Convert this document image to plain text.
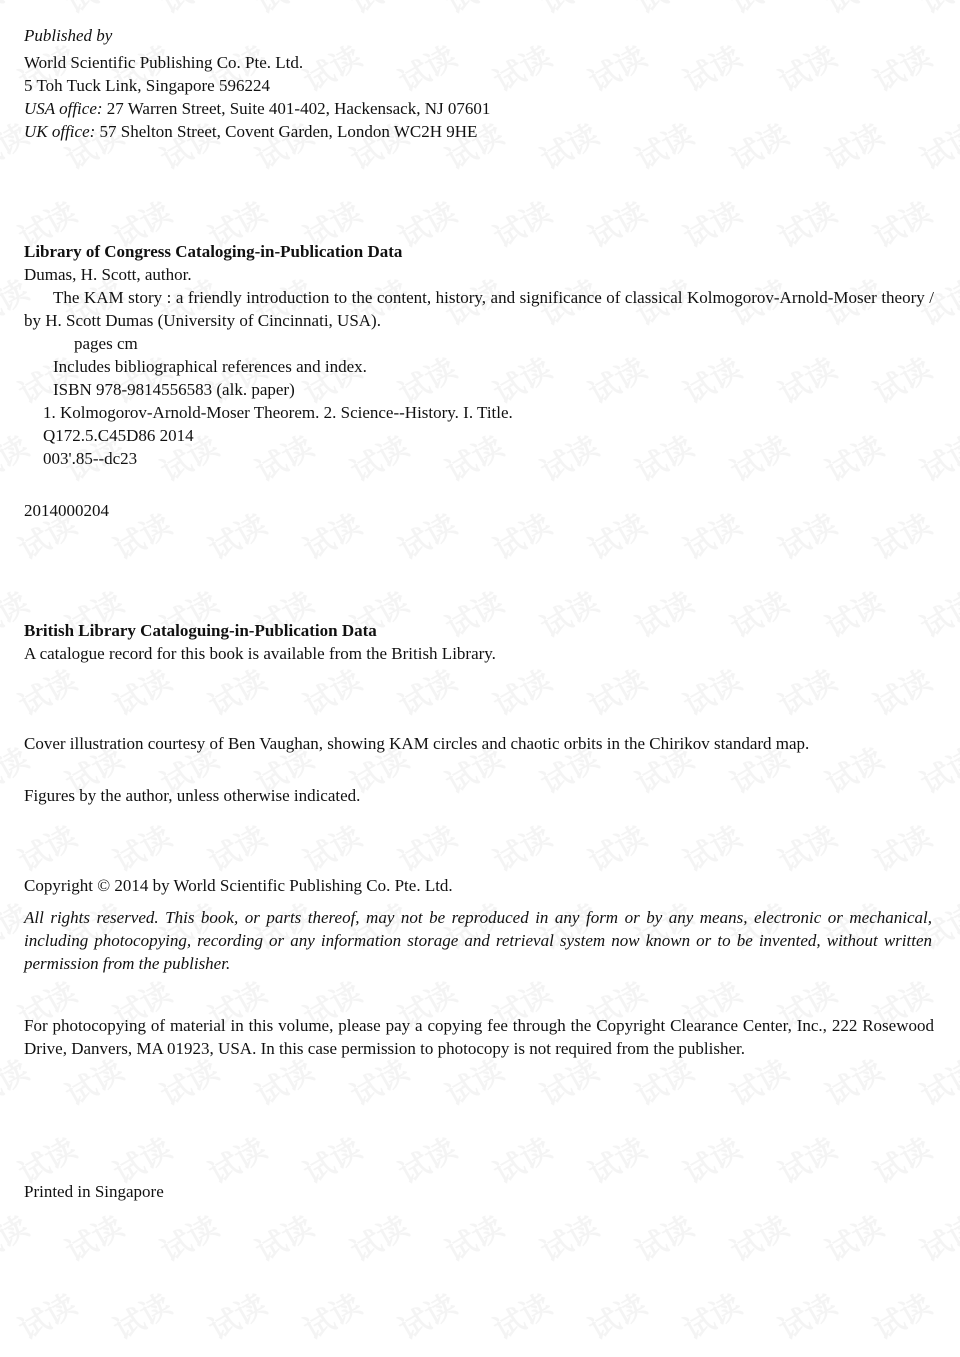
Published by
World Scientific Publishing Co. Pte. Ltd.
5 Toh Tuck Link, Singapore 596224
USA office: 27 Warren Street, Suite 401-402, Hackensack, NJ 07601
UK office: 57 Shelton Street, Covent Garden, London WC2H 9HE
Library of Congress Cataloging-in-Publication Data
Dumas, H. Scott, author.
The KAM story : a friendly introduction to the content, history, and significance of classical Kolmogorov-Arnold-Moser theory / by H. Scott Dumas (University of Cincinnati, USA).
pages cm
Includes bibliographical references and index.
ISBN 978-9814556583 (alk. paper)
1. Kolmogorov-Arnold-Moser Theorem. 2. Science--History. I. Title.
Q172.5.C45D86 2014
003'.85--dc23
2014000204
British Library Cataloguing-in-Publication Data
A catalogue record for this book is available from the British Library.
Cover illustration courtesy of Ben Vaughan, showing KAM circles and chaotic orbits in the Chirikov standard map.
Figures by the author, unless otherwise indicated.
Copyright © 2014 by World Scientific Publishing Co. Pte. Ltd.
All rights reserved. This book, or parts thereof, may not be reproduced in any form or by any means, electronic or mechanical, including photocopying, recording or any information storage and retrieval system now known or to be invented, without written permission from the publisher.
For photocopying of material in this volume, please pay a copying fee through the Copyright Clearance Center, Inc., 222 Rosewood Drive, Danvers, MA 01923, USA. In this case permission to photocopy is not required from the publisher.
Printed in Singapore
